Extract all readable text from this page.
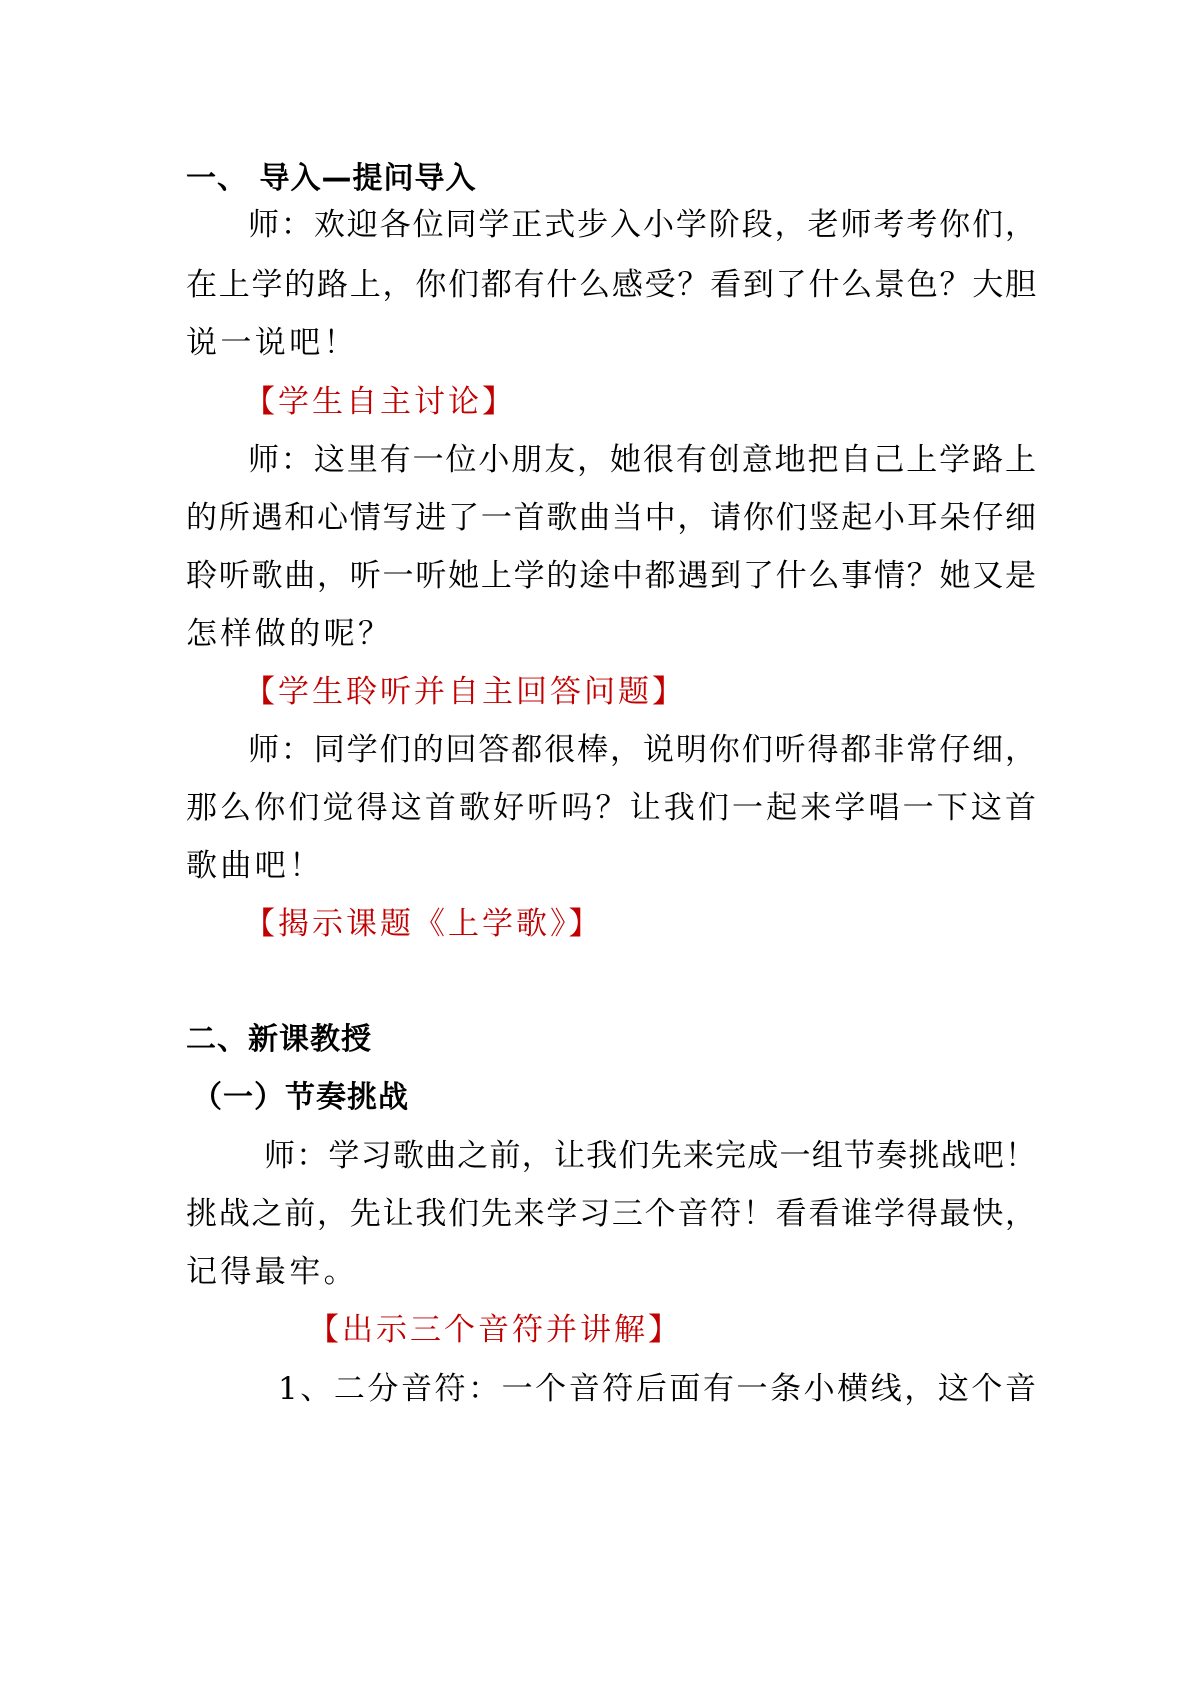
一、 导入—提问导入

师：欢迎各位同学正式步入小学阶段，老师考考你们，

在上学的路上，你们都有什么感受？看到了什么景色？大胆

说一说吧！

【学生自主讨论】

师：这里有一位小朋友，她很有创意地把自己上学路上

的所遇和心情写进了一首歌曲当中，请你们竖起小耳朵仔细

聆听歌曲，听一听她上学的途中都遇到了什么事情？她又是

怎样做的呢？

【学生聆听并自主回答问题】

师：同学们的回答都很棒，说明你们听得都非常仔细，

那么你们觉得这首歌好听吗？让我们一起来学唱一下这首

歌曲吧！

【揭示课题《上学歌》】

二、新课教授

（一）节奏挑战

师：学习歌曲之前，让我们先来完成一组节奏挑战吧！

挑战之前，先让我们先来学习三个音符！看看谁学得最快，

记得最牢。

【出示三个音符并讲解】

1、二分音符：一个音符后面有一条小横线，这个音
